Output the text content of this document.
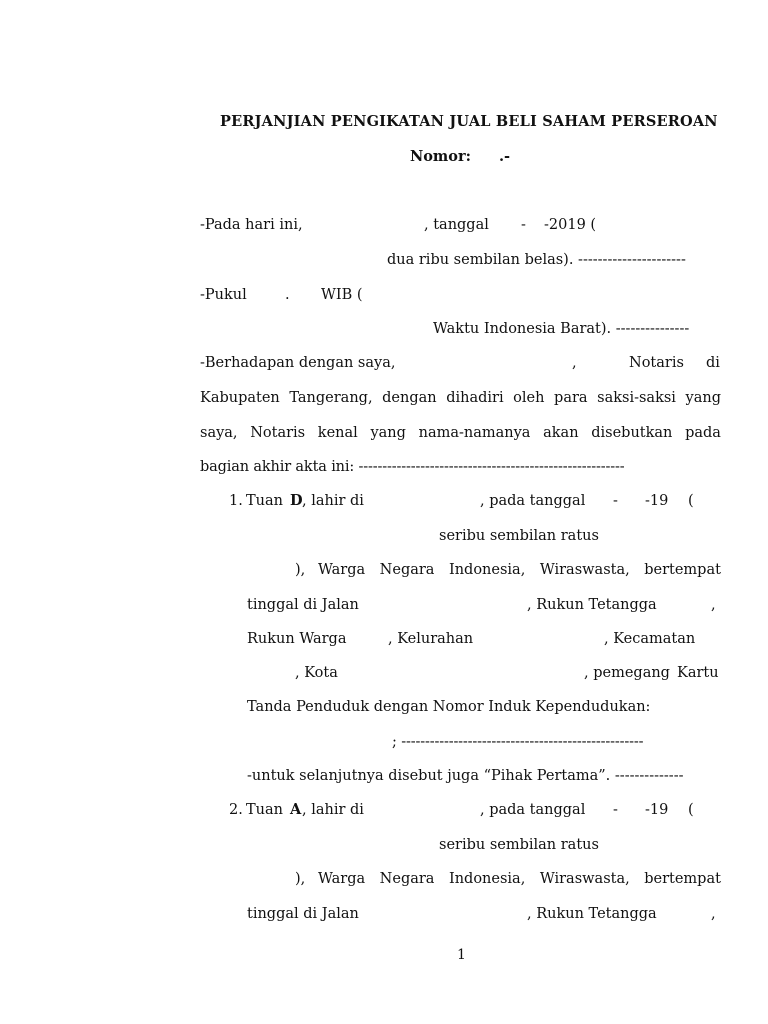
PERJANJIAN PENGIKATAN JUAL BELI SAHAM PERSEROAN
Nomor: .-
-Pada hari ini,	, tanggal - -2019 (
dua ribu sembilan belas). ----------------------
-Pukul	. WIB (
Waktu Indonesia Barat). ---------------
-Berhadapan dengan saya,	,	Notaris di
Kabupaten Tangerang, dengan dihadiri oleh para saksi-saksi yang
saya, Notaris kenal yang nama-namanya akan disebutkan pada
bagian akhir akta ini: --------------------------------------------------------
1. Tuan D , lahir di	, pada tanggal - -19 (
seribu sembilan ratus
), Warga Negara Indonesia, Wiraswasta, bertempat
tinggal di Jalan	, Rukun Tetangga	,
Rukun Warga	, Kelurahan	, Kecamatan
, Kota	, pemegang Kartu
Tanda Penduduk dengan Nomor Induk Kependudukan:
; ---------------------------------------------------
-untuk selanjutnya disebut juga “Pihak Pertama”. --------------
2. Tuan A , lahir di	, pada tanggal - -19 (
seribu sembilan ratus
), Warga Negara Indonesia, Wiraswasta, bertempat
tinggal di Jalan	, Rukun Tetangga	,
1
